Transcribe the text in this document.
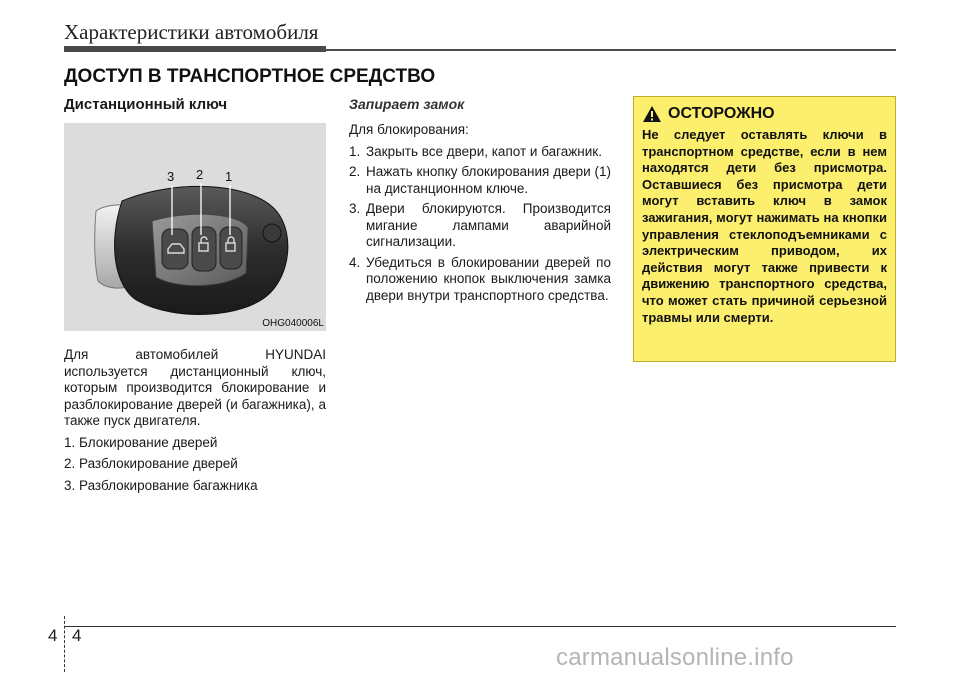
Характеристики автомобиля
ДОСТУП В ТРАНСПОРТНОЕ СРЕДСТВО
Дистанционный ключ
3 2 1
OHG040006L
Для автомобилей HYUNDAI используется дистанционный ключ, которым производится блокирование и разблокирование дверей (и багажника), а также пуск двигателя.
1. Блокирование дверей
2. Разблокирование дверей
3. Разблокирование багажника
Запирает замок
Для блокирования:
1. Закрыть все двери, капот и багажник.
2. Нажать кнопку блокирования двери (1) на дистанционном ключе.
3. Двери блокируются. Производится мигание лампами аварийной сигнализации.
4. Убедиться в блокировании дверей по положению кнопок выключения замка двери внутри транспортного средства.
ОСТОРОЖНО
Не следует оставлять ключи в транспортном средстве, если в нем находятся дети без присмотра. Оставшиеся без присмотра дети могут вставить ключ в замок зажигания, могут нажимать на кнопки управления стеклоподъемниками с электрическим приводом, их действия могут также привести к движению транспортного средства, что может стать причиной серьезной травмы или смерти.
4 4
carmanualsonline.info
